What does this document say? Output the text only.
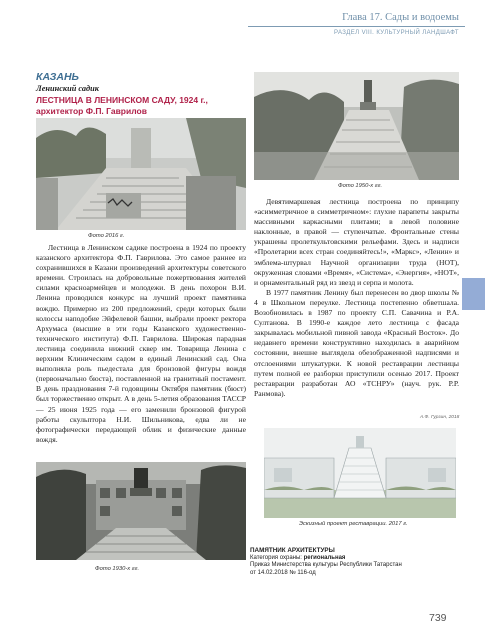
Глава 17. Сады и водоемы
РАЗДЕЛ VIII. КУЛЬТУРНЫЙ ЛАНДШАФТ
КАЗАНЬ
Ленинский садик
ЛЕСТНИЦА В ЛЕНИНСКОМ САДУ, 1924 г., архитектор Ф.П. Гаврилов
Фото 2016 г.
Фото 1950-х гг.

Лестница в Ленинском садике построена в 1924 по проекту казанского архитектора Ф.П. Гаврилова. Это самое раннее из сохранившихся в Казани произведений архитектуры советского времени. Строилась на добровольные пожертвования жителей силами красноармейцев и молодежи. В день похорон В.И. Ленина проводился конкурс на лучший проект памятника вождю. Примерно из 200 предложений, среди которых были колоссы наподобие Эйфелевой башни, выбрали проект ректора Архумаса (высшие в эти годы Казанского художественно-технического института) Ф.П. Гаврилова. Широкая парадная лестница соединила нижний сквер им. Товарища Ленина с верхним Клиническим садом в единый Ленинский сад. Она выполняла роль пьедестала для бронзовой фигуры вождя (первоначально бюста), поставленной на гранитный постамент. В день празднования 7-й годовщины Октября памятник (бюст) был торжественно открыт. А в день 5-летия образования ТАССР — 25 июня 1925 года — его заменили бронзовой фигурой работы скульптора Н.И. Шильникова, едва ли не фотографически передающей облик и физические данные вождя.

Девятимаршевая лестница построена по принципу «асимметричное в симметричном»: глухие парапеты закрыты массивными каркасными плитами; в левой половине наклонные, в правой — ступенчатые. Фронтальные стены украшены пролеткультовскими рельефами. Здесь и надписи «Пролетарии всех стран соединяйтесь!», «Маркс», «Ленин» и эмблема-штурвал Научной организации труда (НОТ), окруженная словами «Время», «Система», «Энергия», «НОТ», и орнаментальный ряд из звезд и серпа и молота.

В 1977 памятник Ленину был перенесен во двор школы № 4 в Школьном переулке. Лестница постепенно обветшала. Возобновилась в 1987 по проекту С.П. Савачина и Р.А. Султанова. В 1990-е каждое лето лестница с фасада закрывалась мобильной пивной завода «Красный Восток». До недавнего времени конструктивно находилась в аварийном состоянии, внешне выглядела обезображенной надписями и отслоениями штукатурки. К новой реставрации лестницы путем полной ее разборки приступили осенью 2017. Проект реставрации разработан АО «ТСНРУ» (науч. рук. Р.Р. Ранмова).

А.Ф. Гурзин, 2018
Эскизный проект реставрации. 2017 г.
Фото 1930-х гг.
ПАМЯТНИК АРХИТЕКТУРЫ
Категория охраны: региональная
Приказ Министерства культуры Республики Татарстан
от 14.02.2018 № 116-од
739
